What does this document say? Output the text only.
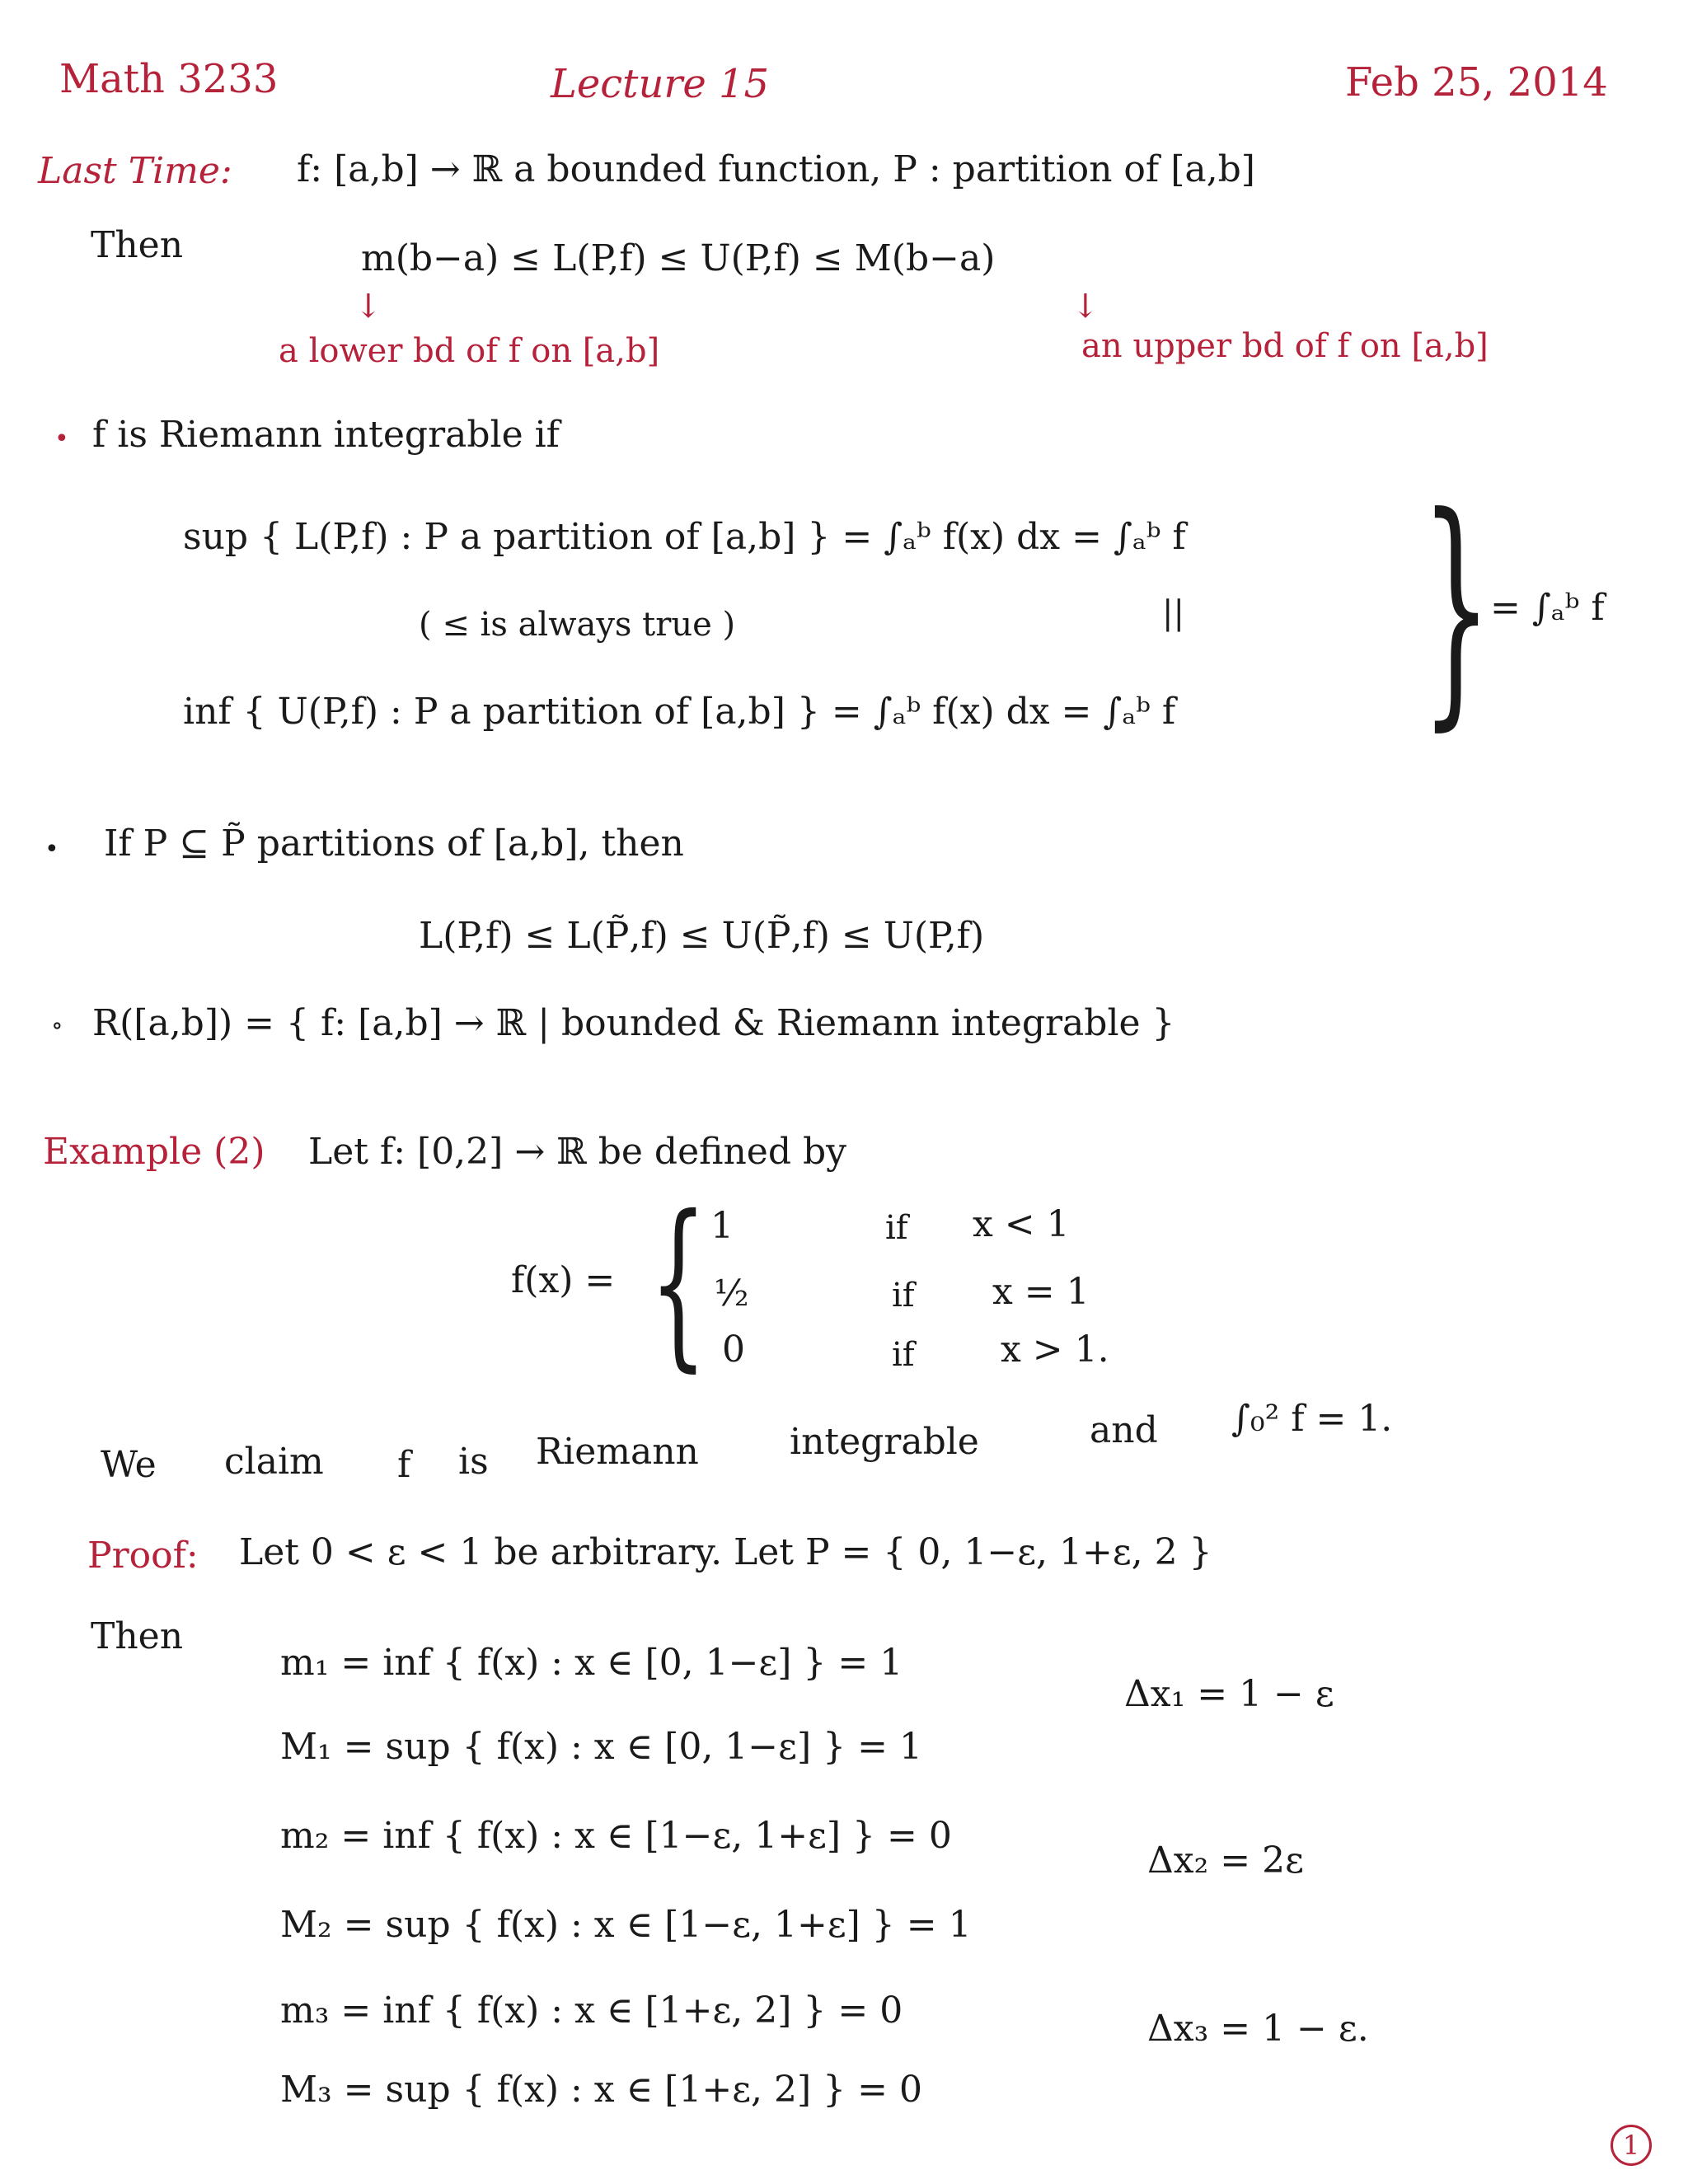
Math 3233	Lecture 15	Feb 25, 2014
Last Time: f: [a,b] → ℝ a bounded function, P : partition of [a,b]
Then	m(b−a) ≤ L(P,f) ≤ U(P,f) ≤ M(b−a)
↓	↓
a lower bd of f on [a,b]	an upper bd of f on [a,b]
• f is Riemann integrable if
sup { L(P,f) : P a partition of [a,b] } = ∫ₐᵇ f(x) dx = ∫ₐᵇ f
||
( ≤ is always true )
inf { U(P,f) : P a partition of [a,b] } = ∫ₐᵇ f(x) dx = ∫ₐᵇ f }
= ∫ₐᵇ f
• If P ⊆ P̃ partitions of [a,b], then
L(P,f) ≤ L(P̃,f) ≤ U(P̃,f) ≤ U(P,f)
∘ R([a,b]) = { f: [a,b] → ℝ | bounded & Riemann integrable }
Example (2) Let f: [0,2] → ℝ be defined by
f(x) = { 1	if x < 1
½	if x = 1
0	if x > 1.
We claim f is Riemann	integrable	and ∫₀² f = 1.
Proof: Let 0 < ε < 1 be arbitrary. Let P = { 0, 1−ε, 1+ε, 2 }
Then
m₁ = inf { f(x) : x ∈ [0, 1−ε] } = 1
M₁ = sup { f(x) : x ∈ [0, 1−ε] } = 1
m₂ = inf { f(x) : x ∈ [1−ε, 1+ε] } = 0
M₂ = sup { f(x) : x ∈ [1−ε, 1+ε] } = 1
m₃ = inf { f(x) : x ∈ [1+ε, 2] } = 0
M₃ = sup { f(x) : x ∈ [1+ε, 2] } = 0
Δx₁ = 1 − ε
Δx₂ = 2ε
Δx₃ = 1 − ε.
1
